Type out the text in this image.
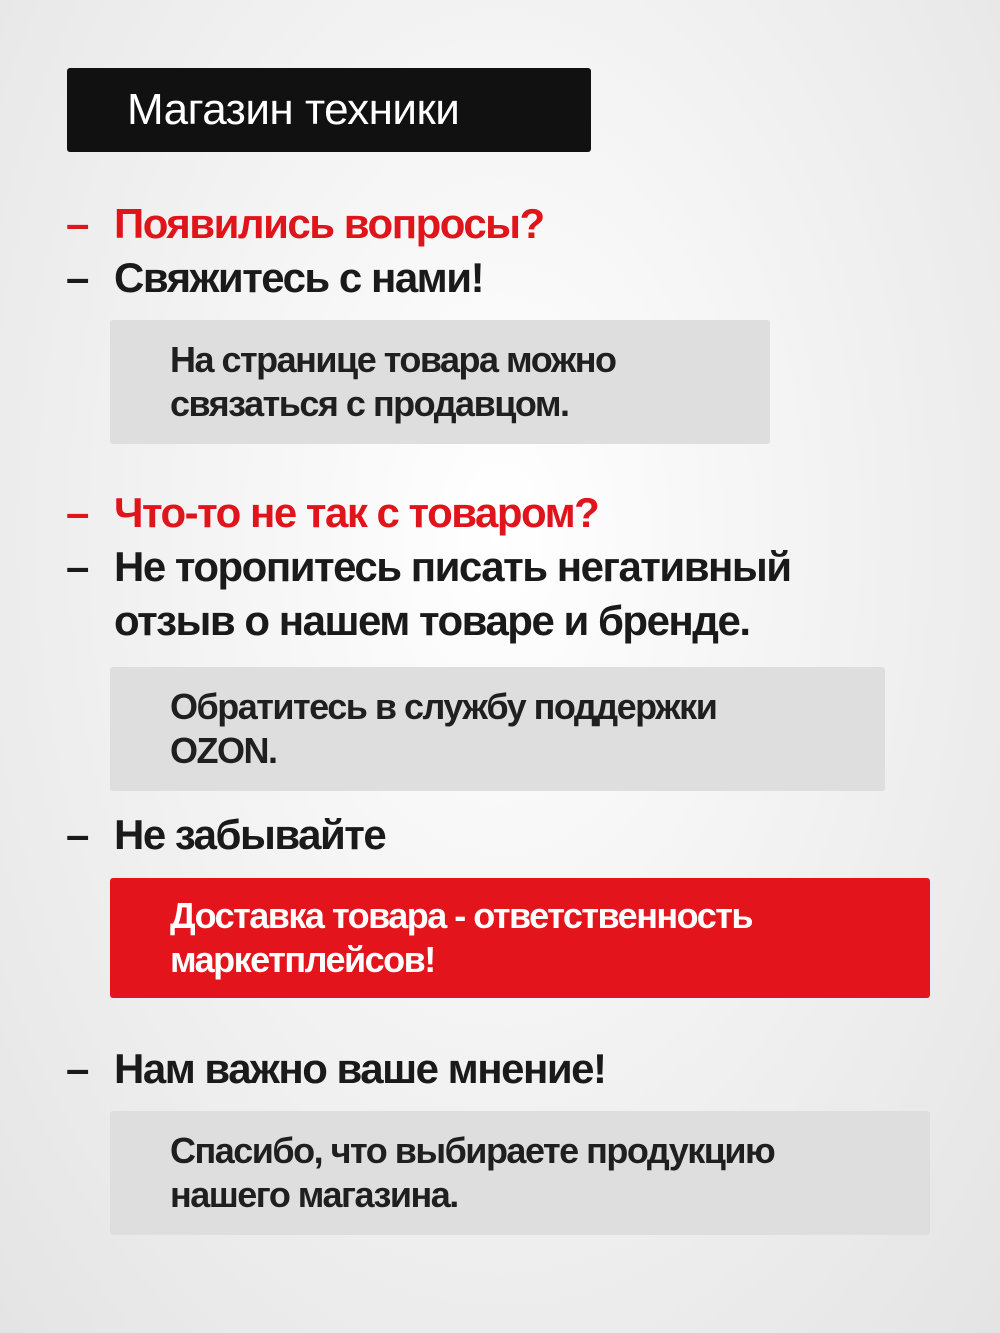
Магазин техники
– Появились вопросы?
– Свяжитесь с нами!
На странице товара можно
связаться с продавцом.
– Что-то не так с товаром?
– Не торопитесь писать негативный
отзыв о нашем товаре и бренде.
Обратитесь в службу поддержки
OZON.
– Не забывайте
Доставка товара - ответственность
маркетплейсов!
– Нам важно ваше мнение!
Спасибо, что выбираете продукцию
нашего магазина.
